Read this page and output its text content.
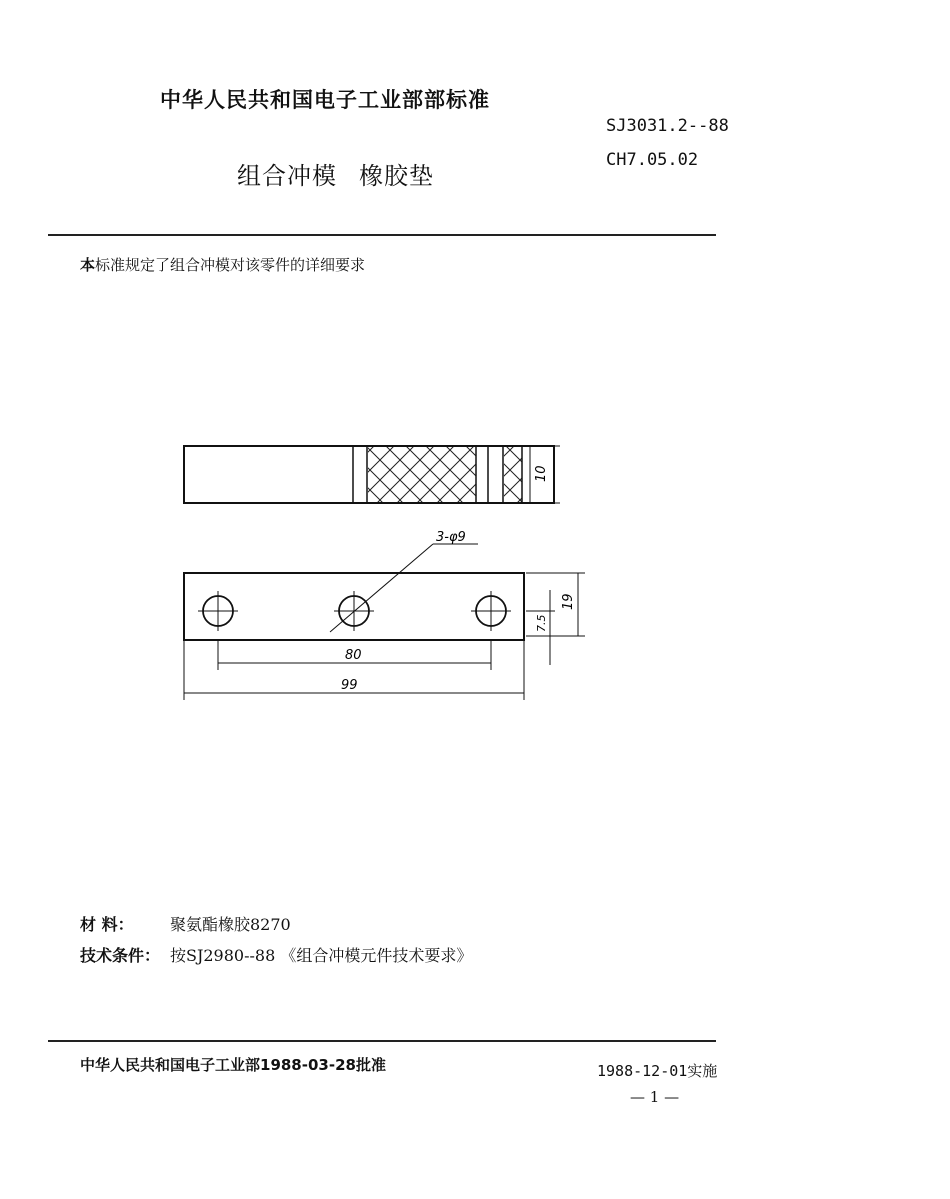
中华人民共和国电子工业部部标准
SJ3031.2--88
CH7.05.02
组合冲模 橡胶垫
本标准规定了组合冲模对该零件的详细要求
10
3-φ9
19
7.5
80
99
材 料： 聚氨酯橡胶8270
技术条件： 按SJ2980--88 《组合冲模元件技术要求》
中华人民共和国电子工业部1988-03-28批准	1988-12-01实施
— 1 —
